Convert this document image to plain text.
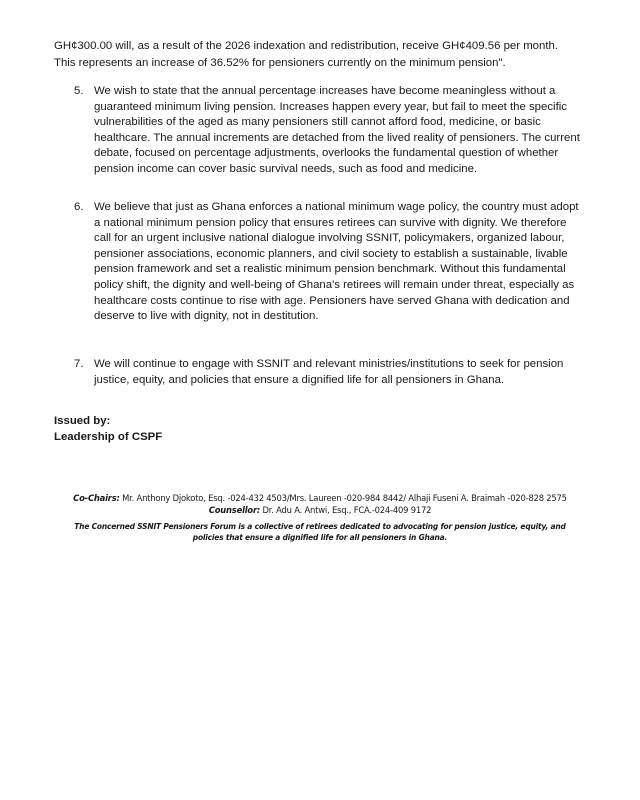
GH¢300.00 will, as a result of the 2026 indexation and redistribution, receive GH¢409.56 per month.
This represents an increase of 36.52% for pensioners currently on the minimum pension".
5. We wish to state that the annual percentage increases have become meaningless without a guaranteed minimum living pension. Increases happen every year, but fail to meet the specific vulnerabilities of the aged as many pensioners still cannot afford food, medicine, or basic healthcare. The annual increments are detached from the lived reality of pensioners. The current debate, focused on percentage adjustments, overlooks the fundamental question of whether pension income can cover basic survival needs, such as food and medicine.
6. We believe that just as Ghana enforces a national minimum wage policy, the country must adopt a national minimum pension policy that ensures retirees can survive with dignity. We therefore call for an urgent inclusive national dialogue involving SSNIT, policymakers, organized labour, pensioner associations, economic planners, and civil society to establish a sustainable, livable pension framework and set a realistic minimum pension benchmark. Without this fundamental policy shift, the dignity and well-being of Ghana's retirees will remain under threat, especially as healthcare costs continue to rise with age. Pensioners have served Ghana with dedication and deserve to live with dignity, not in destitution.
7. We will continue to engage with SSNIT and relevant ministries/institutions to seek for pension justice, equity, and policies that ensure a dignified life for all pensioners in Ghana.
Issued by:
Leadership of CSPF
Co-Chairs: Mr. Anthony Djokoto, Esq. -024-432 4503/Mrs. Laureen -020-984 8442/ Alhaji Fuseni A. Braimah -020-828 2575
Counsellor: Dr. Adu A. Antwi, Esq., FCA.-024-409 9172
The Concerned SSNIT Pensioners Forum is a collective of retirees dedicated to advocating for pension justice, equity, and
policies that ensure a dignified life for all pensioners in Ghana.
